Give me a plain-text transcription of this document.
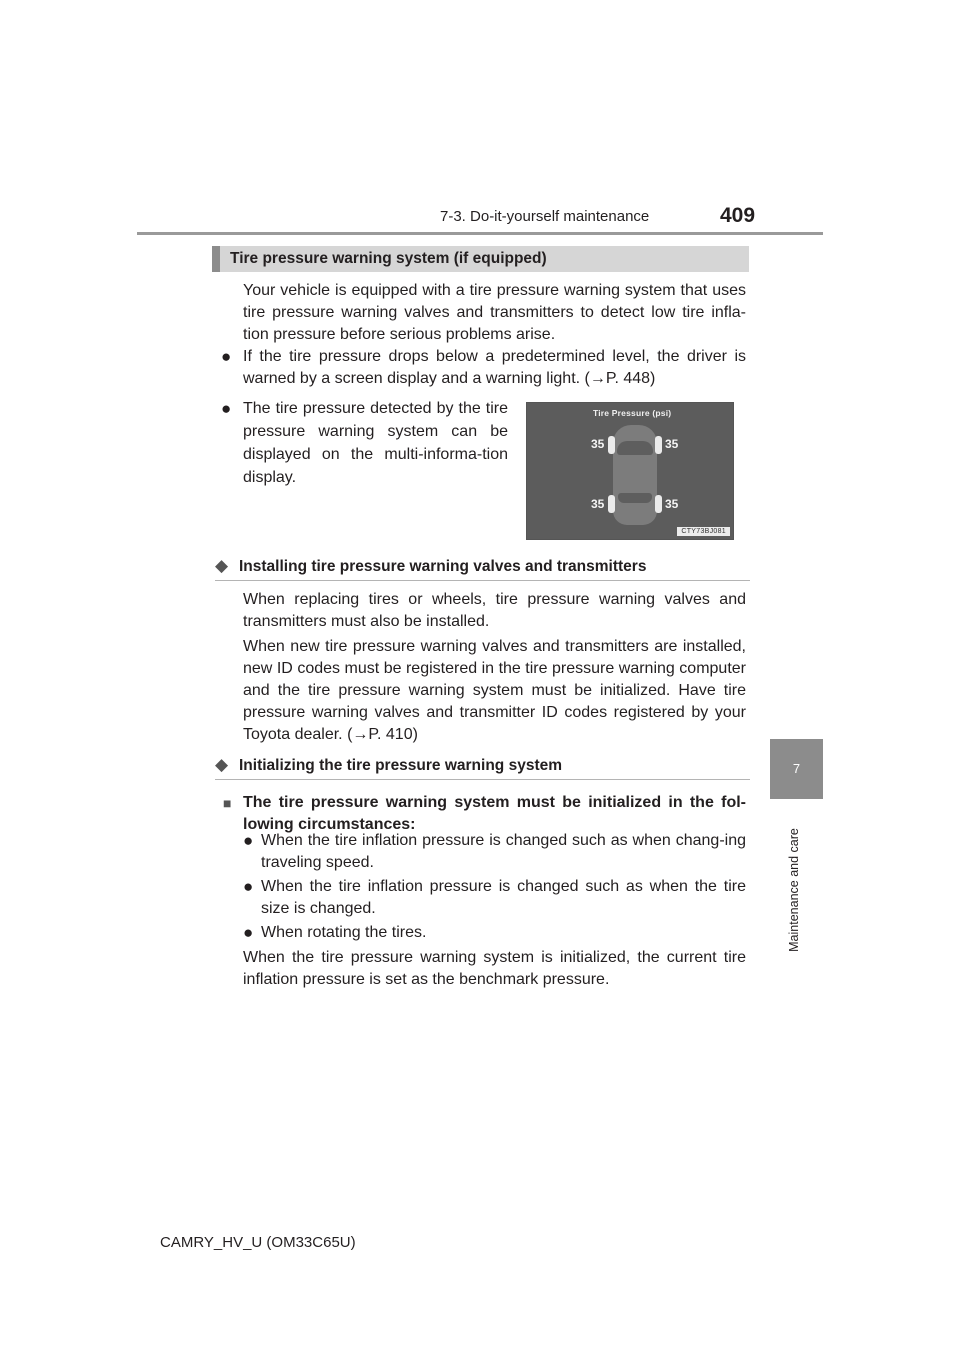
7-3. Do-it-yourself maintenance	409
7
Maintenance and care
Tire pressure warning system (if equipped)
Your vehicle is equipped with a tire pressure warning system that uses tire pressure warning valves and transmitters to detect low tire infla-tion pressure before serious problems arise.
● If the tire pressure drops below a predetermined level, the driver is warned by a screen display and a warning light. (→P. 448)
● The tire pressure detected by the tire pressure warning system can be displayed on the multi-informa-tion display.
Tire Pressure (psi)
35	35
35	35
CTY73BJ081
◆ Installing tire pressure warning valves and transmitters
When replacing tires or wheels, tire pressure warning valves and transmitters must also be installed.
When new tire pressure warning valves and transmitters are installed, new ID codes must be registered in the tire pressure warning computer and the tire pressure warning system must be initialized. Have tire pressure warning valves and transmitter ID codes registered by your Toyota dealer. (→P. 410)
◆ Initializing the tire pressure warning system
■ The tire pressure warning system must be initialized in the fol-lowing circumstances:
● When the tire inflation pressure is changed such as when chang-ing traveling speed.
● When the tire inflation pressure is changed such as when the tire size is changed.
● When rotating the tires.
When the tire pressure warning system is initialized, the current tire inflation pressure is set as the benchmark pressure.
CAMRY_HV_U (OM33C65U)
